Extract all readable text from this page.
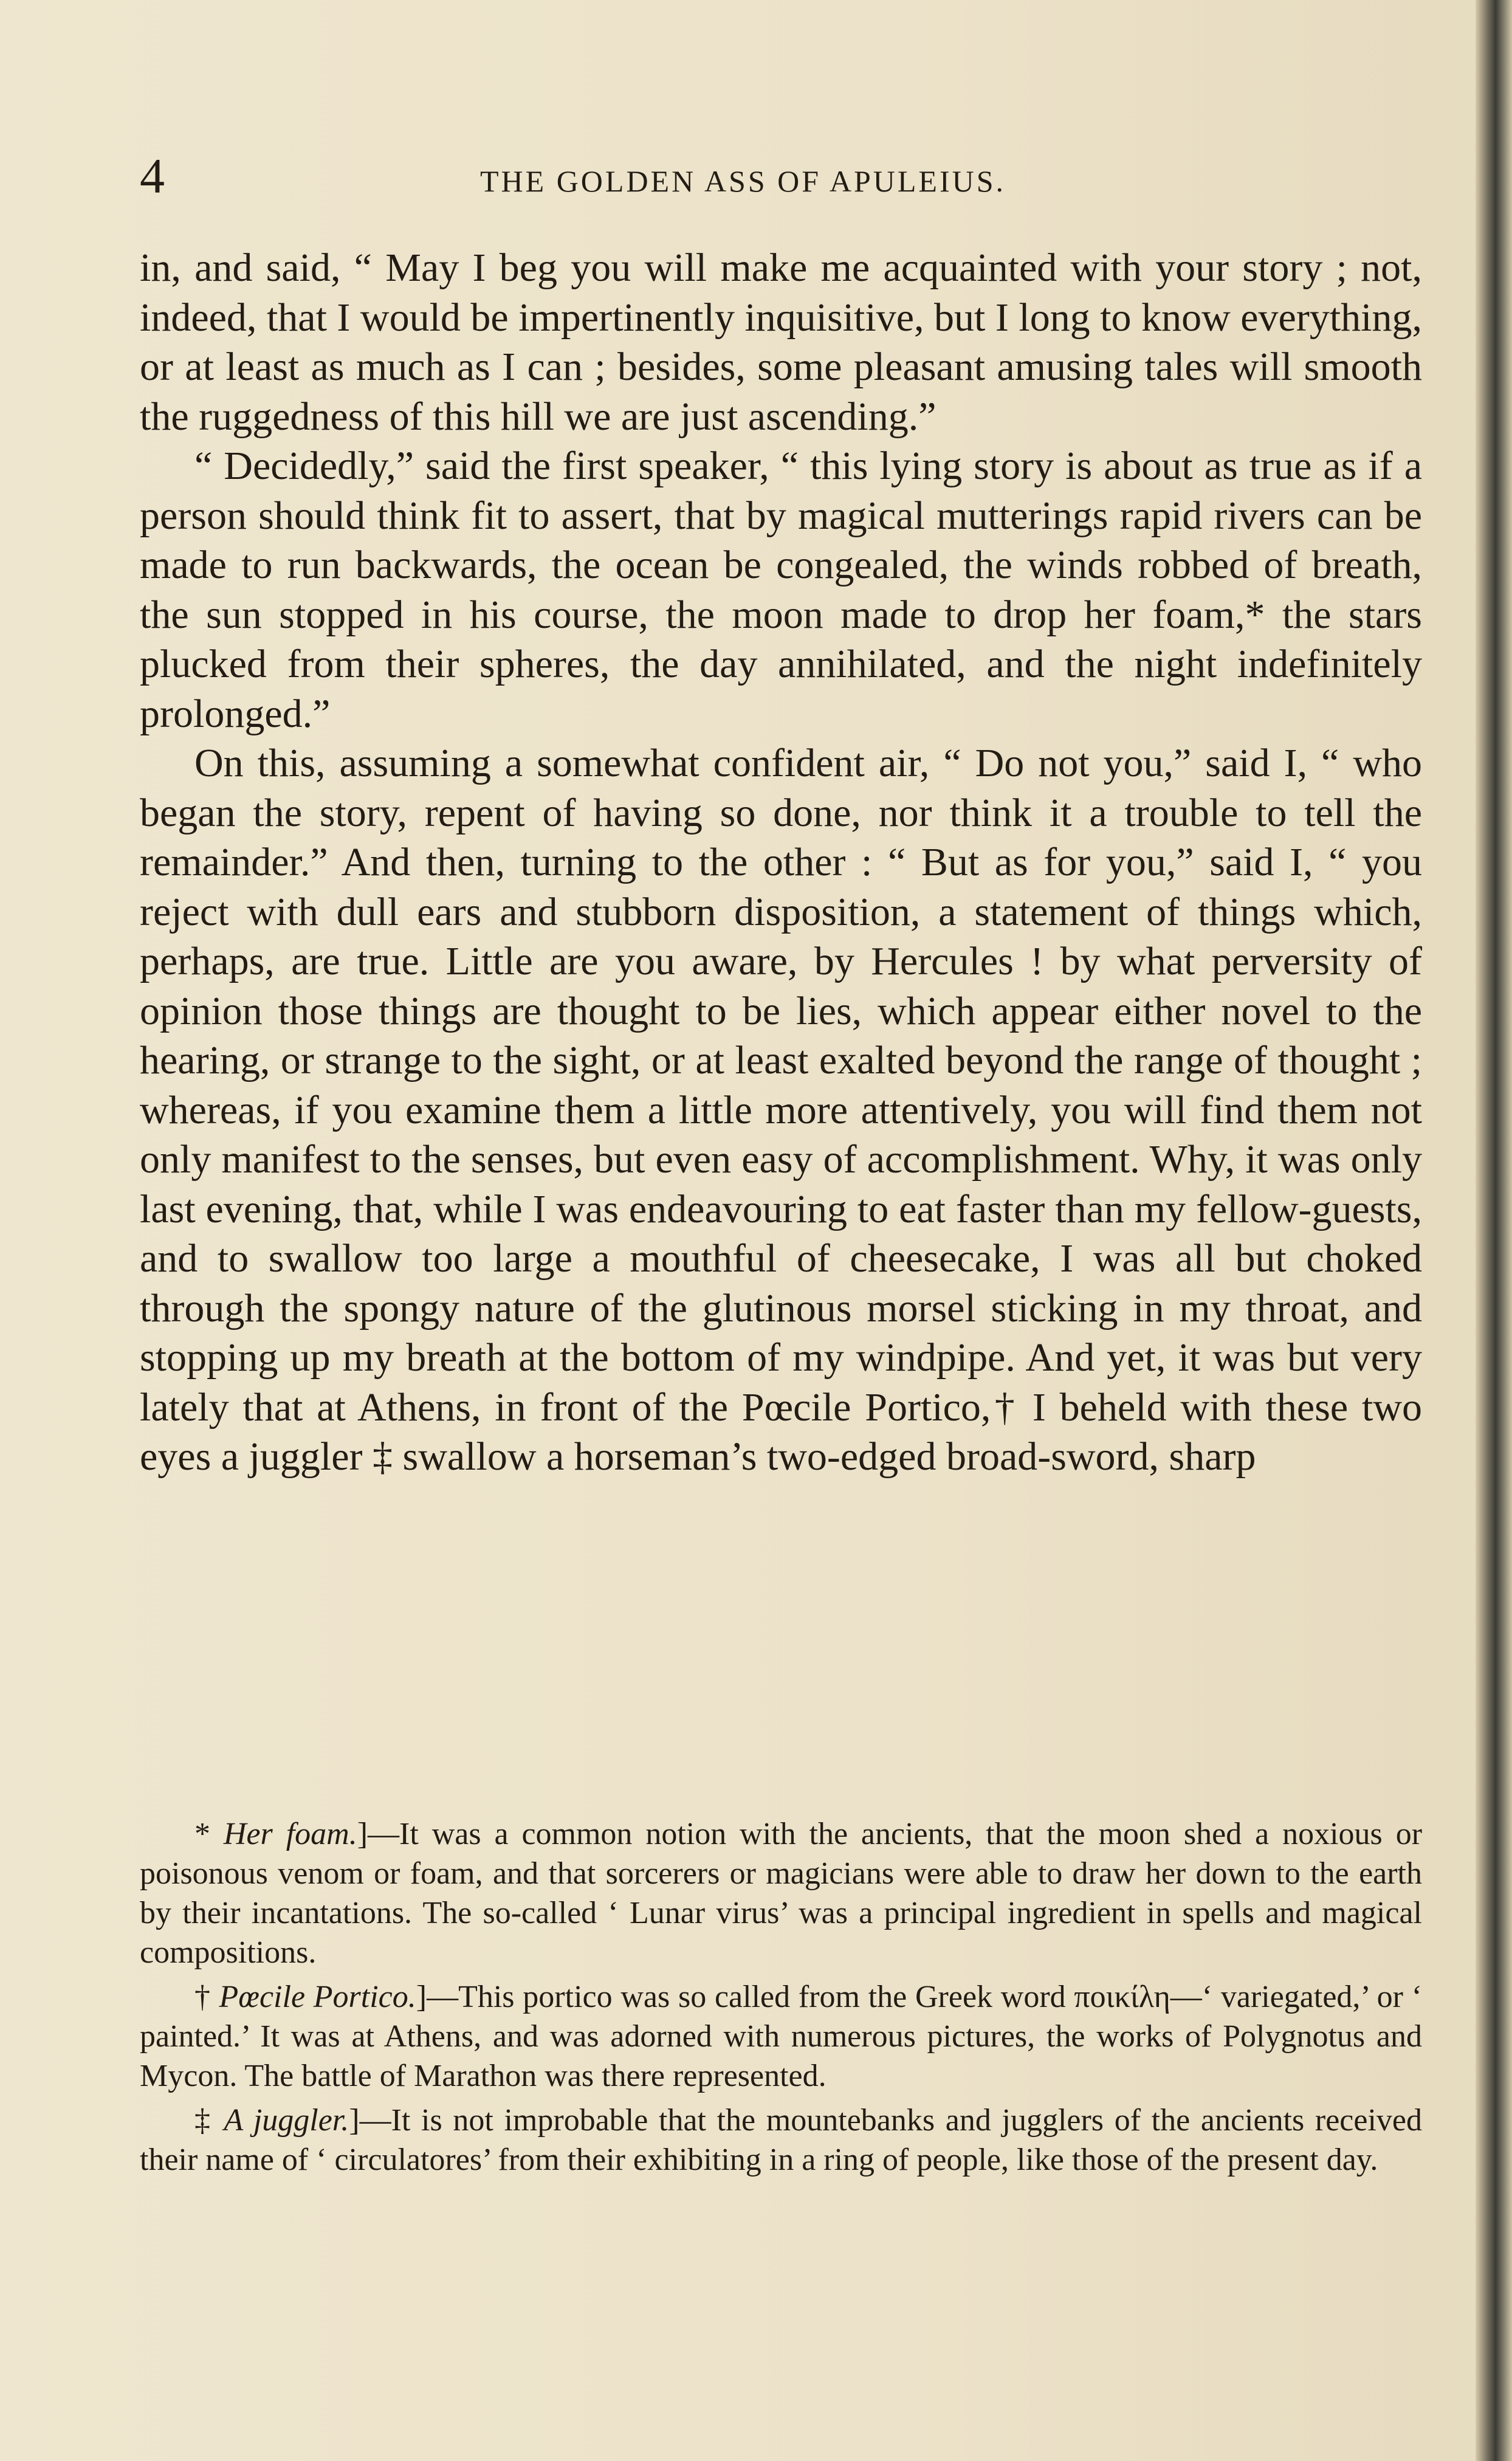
4	THE GOLDEN ASS OF APULEIUS.

in, and said, “ May I beg you will make me acquainted with your story ; not, indeed, that I would be impertinently inquisitive, but I long to know everything, or at least as much as I can ; besides, some pleasant amusing tales will smooth the ruggedness of this hill we are just ascending.”

“ Decidedly,” said the first speaker, “ this lying story is about as true as if a person should think fit to assert, that by magical mutterings rapid rivers can be made to run backwards, the ocean be congealed, the winds robbed of breath, the sun stopped in his course, the moon made to drop her foam,* the stars plucked from their spheres, the day annihilated, and the night indefinitely prolonged.”

On this, assuming a somewhat confident air, “ Do not you,” said I, “ who began the story, repent of having so done, nor think it a trouble to tell the remainder.” And then, turning to the other : “ But as for you,” said I, “ you reject with dull ears and stubborn disposition, a statement of things which, perhaps, are true. Little are you aware, by Hercules ! by what perversity of opinion those things are thought to be lies, which appear either novel to the hearing, or strange to the sight, or at least exalted beyond the range of thought ; whereas, if you examine them a little more attentively, you will find them not only manifest to the senses, but even easy of accomplishment. Why, it was only last evening, that, while I was endeavouring to eat faster than my fellow-guests, and to swallow too large a mouthful of cheesecake, I was all but choked through the spongy nature of the glutinous morsel sticking in my throat, and stopping up my breath at the bottom of my windpipe. And yet, it was but very lately that at Athens, in front of the Pœcile Portico,† I beheld with these two eyes a juggler ‡ swallow a horseman’s two-edged broad-sword, sharp

* Her foam.]—It was a common notion with the ancients, that the moon shed a noxious or poisonous venom or foam, and that sorcerers or magicians were able to draw her down to the earth by their incantations. The so-called ‘ Lunar virus’ was a principal ingredient in spells and magical compositions.

† Pœcile Portico.]—This portico was so called from the Greek word ποικίλη—‘ variegated,’ or ‘ painted.’ It was at Athens, and was adorned with numerous pictures, the works of Polygnotus and Mycon. The battle of Marathon was there represented.

‡ A juggler.]—It is not improbable that the mountebanks and jugglers of the ancients received their name of ‘ circulatores’ from their exhibiting in a ring of people, like those of the present day.
